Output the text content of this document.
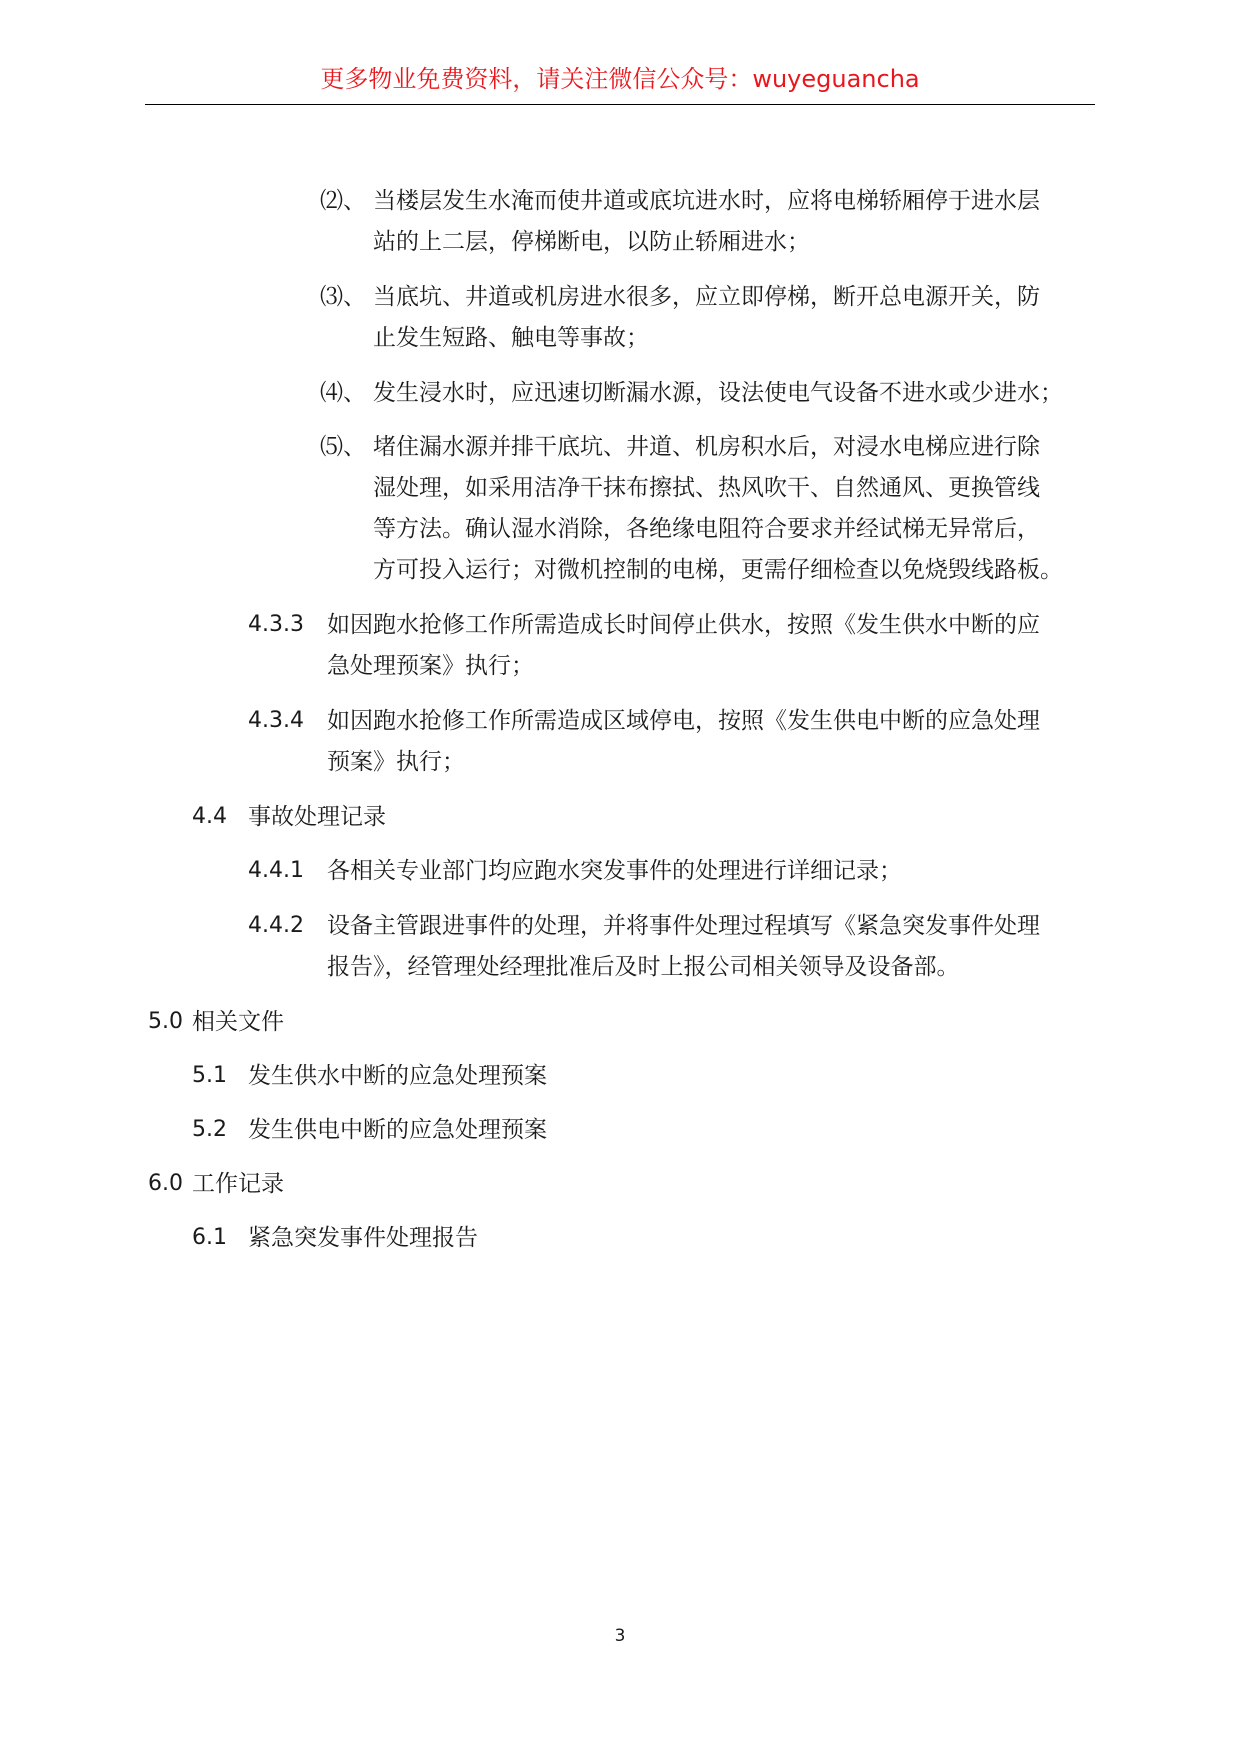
更多物业免费资料，请关注微信公众号：wuyeguancha
⑵、 当楼层发生水淹而使井道或底坑进水时，应将电梯轿厢停于进水层
站的上二层，停梯断电，以防止轿厢进水；
⑶、 当底坑、井道或机房进水很多，应立即停梯，断开总电源开关，防
止发生短路、触电等事故；
⑷、 发生浸水时，应迅速切断漏水源，设法使电气设备不进水或少进水；
⑸、 堵住漏水源并排干底坑、井道、机房积水后，对浸水电梯应进行除
湿处理，如采用洁净干抹布擦拭、热风吹干、自然通风、更换管线
等方法。确认湿水消除，各绝缘电阻符合要求并经试梯无异常后，
方可投入运行；对微机控制的电梯，更需仔细检查以免烧毁线路板。
4.3.3 如因跑水抢修工作所需造成长时间停止供水，按照《发生供水中断的应
急处理预案》执行；
4.3.4 如因跑水抢修工作所需造成区域停电，按照《发生供电中断的应急处理
预案》执行；
4.4 事故处理记录
4.4.1 各相关专业部门均应跑水突发事件的处理进行详细记录；
4.4.2 设备主管跟进事件的处理，并将事件处理过程填写《紧急突发事件处理
报告》，经管理处经理批准后及时上报公司相关领导及设备部。
5.0 相关文件
5.1 发生供水中断的应急处理预案
5.2 发生供电中断的应急处理预案
6.0 工作记录
6.1 紧急突发事件处理报告
3
